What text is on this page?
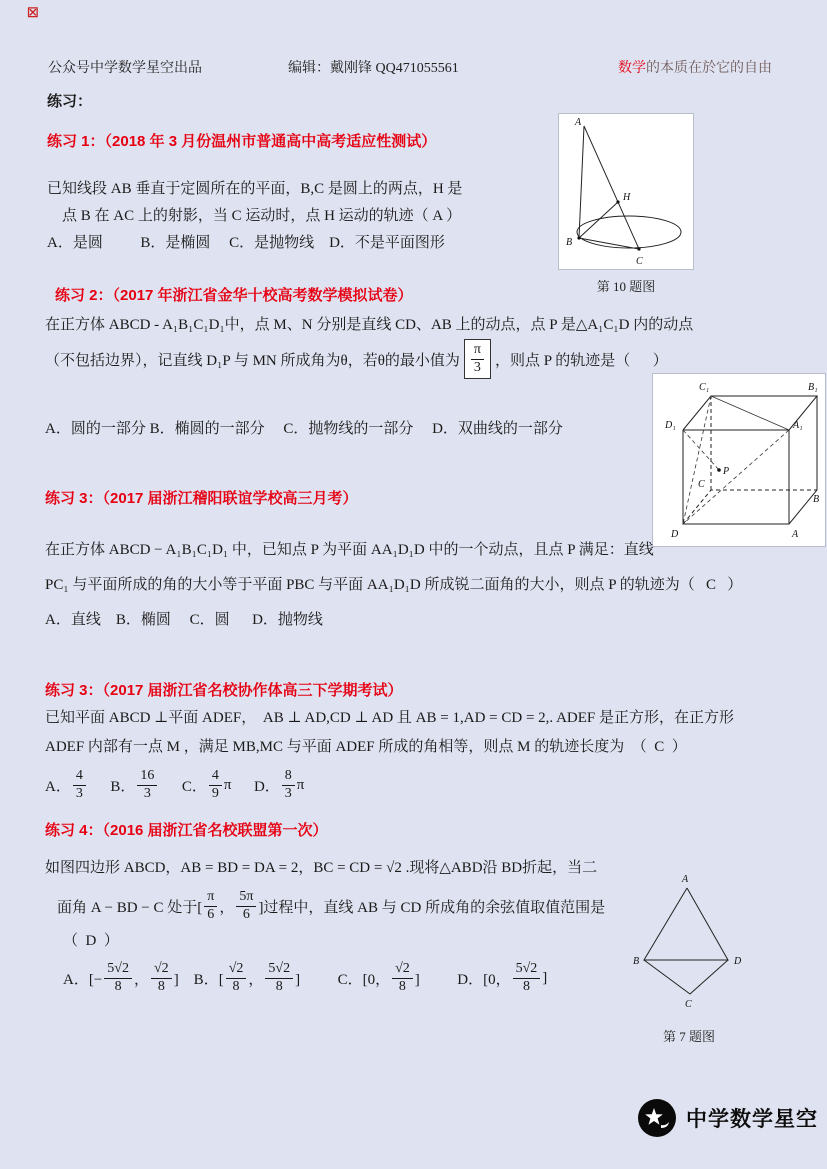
☒
公众号中学数学星空出品	编辑：戴刚锋 QQ471055561	数学的本质在於它的自由
练习：
练习 1：（2018 年 3 月份温州市普通高中高考适应性测试）
已知线段 AB 垂直于定圆所在的平面，B,C 是圆上的两点，H 是
点 B 在 AC 上的射影，当 C 运动时，点 H 运动的轨迹（ A ）
A．是圆          B．是椭圆     C．是抛物线    D．不是平面图形
A
B
C
H
第 10 题图
练习 2：（2017 年浙江省金华十校高考数学模拟试卷）
在正方体 ABCD - A₁B₁C₁D₁中，点 M、N 分别是直线 CD、AB 上的动点，点 P 是△A₁C₁D 内的动点
（不包括边界），记直线 D₁P 与 MN 所成角为θ，若θ的最小值为 $\frac{\pi}{3}$ ，则点 P 的轨迹是（      ）
A．圆的一部分 B．椭圆的一部分     C．抛物线的一部分     D．双曲线的一部分
C₁	B₁
D₁	A₁
P
C
B
D	A
练习 3：（2017 届浙江稽阳联谊学校高三月考）
在正方体 ABCD − A₁B₁C₁D₁ 中，已知点 P 为平面 AA₁D₁D 中的一个动点，且点 P 满足：直线
PC₁ 与平面所成的角的大小等于平面 PBC 与平面 AA₁D₁D 所成锐二面角的大小，则点 P 的轨迹为（   C   ）
A．直线    B．椭圆     C．圆      D．抛物线
练习 3：（2017 届浙江省名校协作体高三下学期考试）
已知平面 ABCD ⊥平面 ADEF，  AB ⊥ AD,CD ⊥ AD 且 AB = 1,AD = CD = 2,. ADEF 是正方形，在正方形
ADEF 内部有一点 M ，满足 MB,MC 与平面 ADEF 所成的角相等，则点 M 的轨迹长度为  （  C  ）
A． $\frac{4}{3}$ B． $\frac{16}{3}$ C． $\frac{4}{9}$ π D． $\frac{8}{3}$ π
练习 4：（2016 届浙江省名校联盟第一次）
如图四边形 ABCD，AB = BD = DA = 2，BC = CD = √2 .现将△ABD沿 BD折起，当二
面角 A − BD − C 处于[ $\frac{\pi}{6}$ ， $\frac{5\pi}{6}$ ]过程中，直线 AB 与 CD 所成角的余弦值取值范围是
（  D  ）
A．[− $\frac{5√2}{8}$ ， $\frac{√2}{8}$ ]    B．[ $\frac{√2}{8}$ ， $\frac{5√2}{8}$ ]          C．[0， $\frac{√2}{8}$ ]          D．[0， $\frac{5√2}{8}$ ]
A
B	D
C
第 7 题图
中学数学星空
